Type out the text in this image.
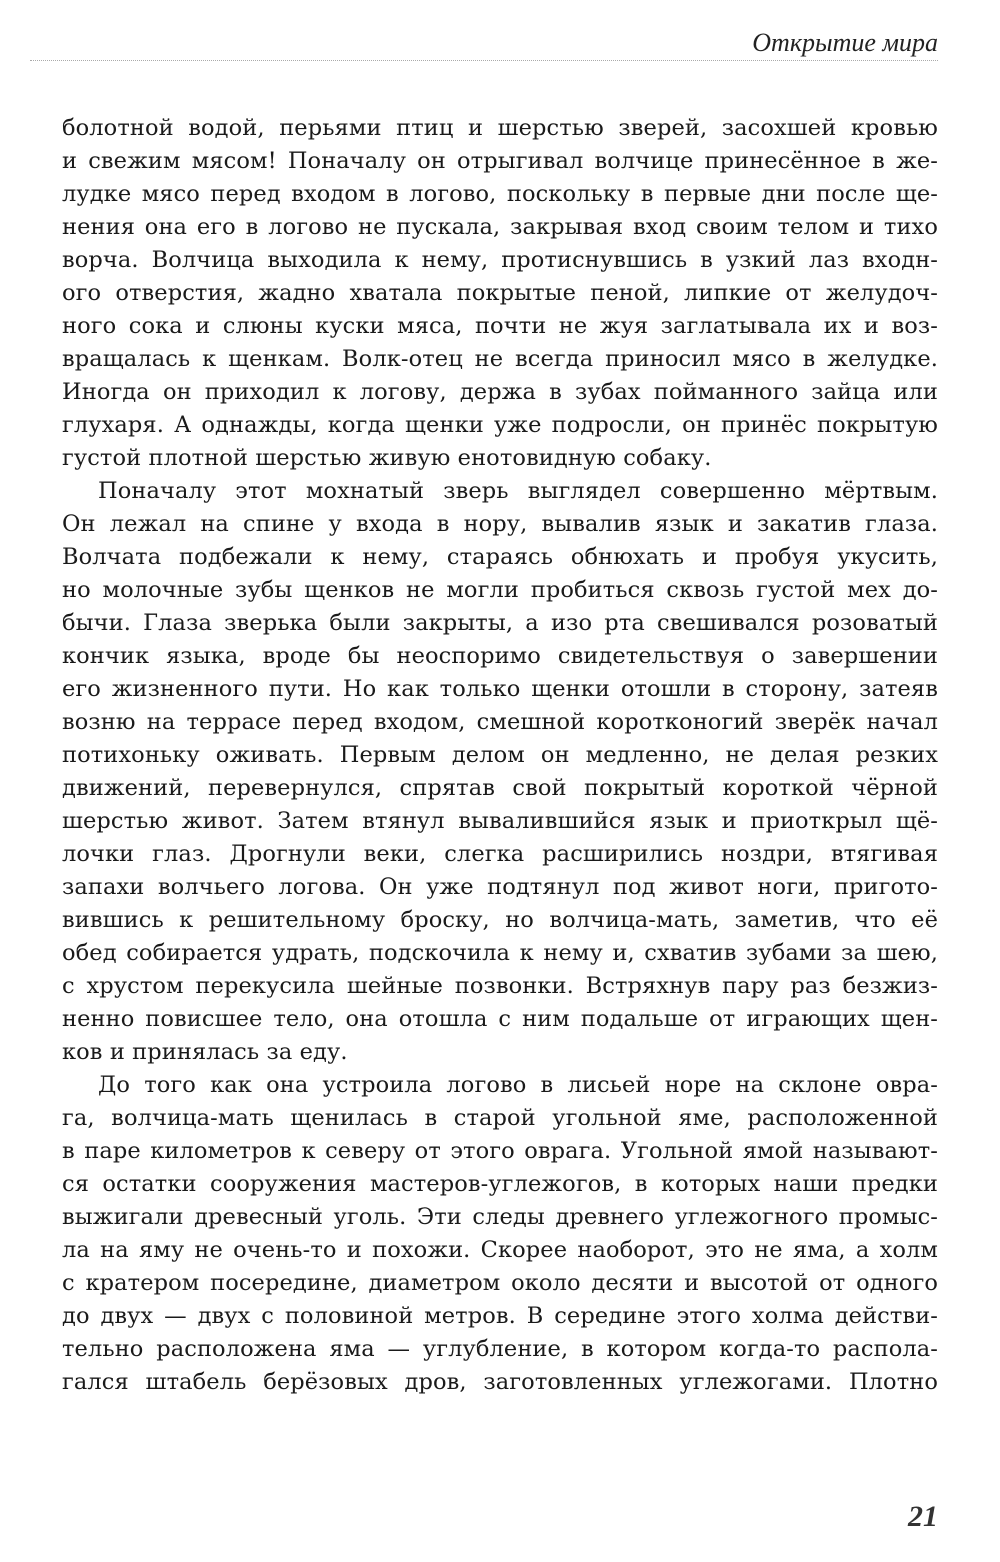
Открытие мира
болотной водой, перьями птиц и шерстью зверей, засохшей кровью
и свежим мясом! Поначалу он отрыгивал волчице принесённое в же-
лудке мясо перед входом в логово, поскольку в первые дни после ще-
нения она его в логово не пускала, закрывая вход своим телом и тихо
ворча. Волчица выходила к нему, протиснувшись в узкий лаз входн-
ого отверстия, жадно хватала покрытые пеной, липкие от желудоч-
ного сока и слюны куски мяса, почти не жуя заглатывала их и воз-
вращалась к щенкам. Волк-отец не всегда приносил мясо в желудке.
Иногда он приходил к логову, держа в зубах пойманного зайца или
глухаря. А однажды, когда щенки уже подросли, он принёс покрытую
густой плотной шерстью живую енотовидную собаку.
Поначалу этот мохнатый зверь выглядел совершенно мёртвым.
Он лежал на спине у входа в нору, вывалив язык и закатив глаза.
Волчата подбежали к нему, стараясь обнюхать и пробуя укусить,
но молочные зубы щенков не могли пробиться сквозь густой мех до-
бычи. Глаза зверька были закрыты, а изо рта свешивался розоватый
кончик языка, вроде бы неоспоримо свидетельствуя о завершении
его жизненного пути. Но как только щенки отошли в сторону, затеяв
возню на террасе перед входом, смешной коротконогий зверёк начал
потихоньку оживать. Первым делом он медленно, не делая резких
движений, перевернулся, спрятав свой покрытый короткой чёрной
шерстью живот. Затем втянул вывалившийся язык и приоткрыл щё-
лочки глаз. Дрогнули веки, слегка расширились ноздри, втягивая
запахи волчьего логова. Он уже подтянул под живот ноги, пригото-
вившись к решительному броску, но волчица-мать, заметив, что её
обед собирается удрать, подскочила к нему и, схватив зубами за шею,
с хрустом перекусила шейные позвонки. Встряхнув пару раз безжиз-
ненно повисшее тело, она отошла с ним подальше от играющих щен-
ков и принялась за еду.
До того как она устроила логово в лисьей норе на склоне овра-
га, волчица-мать щенилась в старой угольной яме, расположенной
в паре километров к северу от этого оврага. Угольной ямой называют-
ся остатки сооружения мастеров-углежогов, в которых наши предки
выжигали древесный уголь. Эти следы древнего углежогного промыс-
ла на яму не очень-то и похожи. Скорее наоборот, это не яма, а холм
с кратером посередине, диаметром около десяти и высотой от одного
до двух — двух с половиной метров. В середине этого холма действи-
тельно расположена яма — углубление, в котором когда-то распола-
гался штабель берёзовых дров, заготовленных углежогами. Плотно
21
